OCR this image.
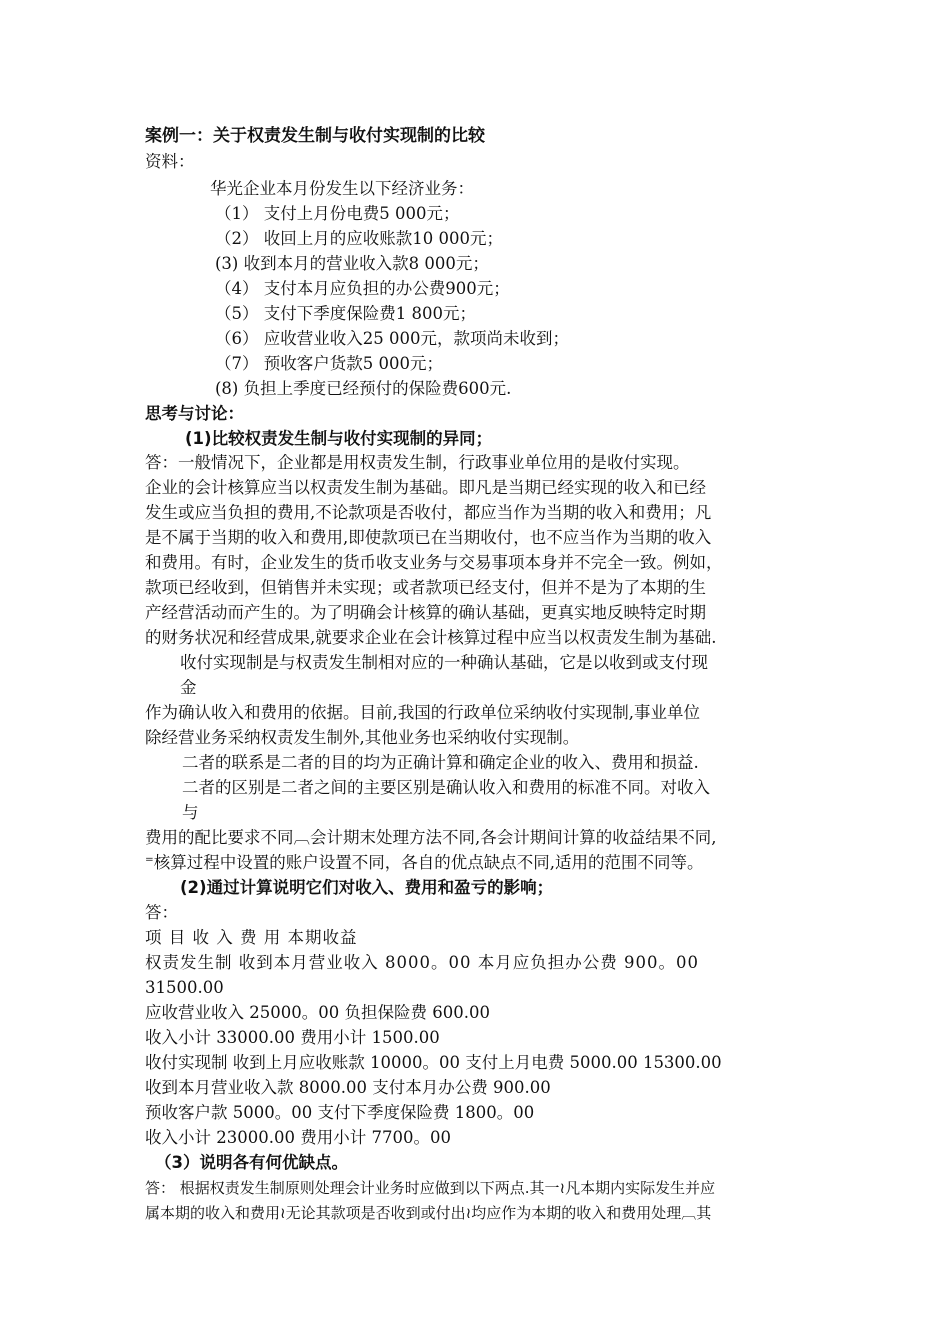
案例一：关于权责发生制与收付实现制的比较
资料：
华光企业本月份发生以下经济业务：
（1） 支付上月份电费5 000元；
（2） 收回上月的应收账款10 000元；
(3) 收到本月的营业收入款8 000元；
（4） 支付本月应负担的办公费900元；
（5） 支付下季度保险费1 800元；
（6） 应收营业收入25 000元，款项尚未收到；
（7） 预收客户货款5 000元；
(8) 负担上季度已经预付的保险费600元.
思考与讨论：
(1)比较权责发生制与收付实现制的异同；
答：一般情况下，企业都是用权责发生制，行政事业单位用的是收付实现。
企业的会计核算应当以权责发生制为基础。即凡是当期已经实现的收入和已经
发生或应当负担的费用,不论款项是否收付，都应当作为当期的收入和费用；凡
是不属于当期的收入和费用,即使款项已在当期收付，也不应当作为当期的收入
和费用。有时，企业发生的货币收支业务与交易事项本身并不完全一致。例如，
款项已经收到，但销售并未实现；或者款项已经支付，但并不是为了本期的生
产经营活动而产生的。为了明确会计核算的确认基础，更真实地反映特定时期
的财务状况和经营成果,就要求企业在会计核算过程中应当以权责发生制为基础.
收付实现制是与权责发生制相对应的一种确认基础，它是以收到或支付现
金
作为确认收入和费用的依据。目前,我国的行政单位采纳收付实现制,事业单位
除经营业务采纳权责发生制外,其他业务也采纳收付实现制。
二者的联系是二者的目的均为正确计算和确定企业的收入、费用和损益.
二者的区别是二者之间的主要区别是确认收入和费用的标准不同。对收入
与
费用的配比要求不同︹会计期末处理方法不同,各会计期间计算的收益结果不同,
⁼核算过程中设置的账户设置不同，各自的优点缺点不同,适用的范围不同等。
(2)通过计算说明它们对收入、费用和盈亏的影响；
答：
项 目 收 入 费 用 本期收益
权责发生制 收到本月营业收入 8000。00 本月应负担办公费 900。00
31500.00
应收营业收入 25000。00 负担保险费 600.00
收入小计 33000.00 费用小计 1500.00
收付实现制 收到上月应收账款 10000。00 支付上月电费 5000.00 15300.00
收到本月营业收入款 8000.00 支付本月办公费 900.00
预收客户款 5000。00 支付下季度保险费 1800。00
收入小计 23000.00 费用小计 7700。00
（3）说明各有何优缺点。
答： 根据权责发生制原则处理会计业务时应做到以下两点.其一≀凡本期内实际发生并应
属本期的收入和费用≀无论其款项是否收到或付出≀均应作为本期的收入和费用处理︹其
